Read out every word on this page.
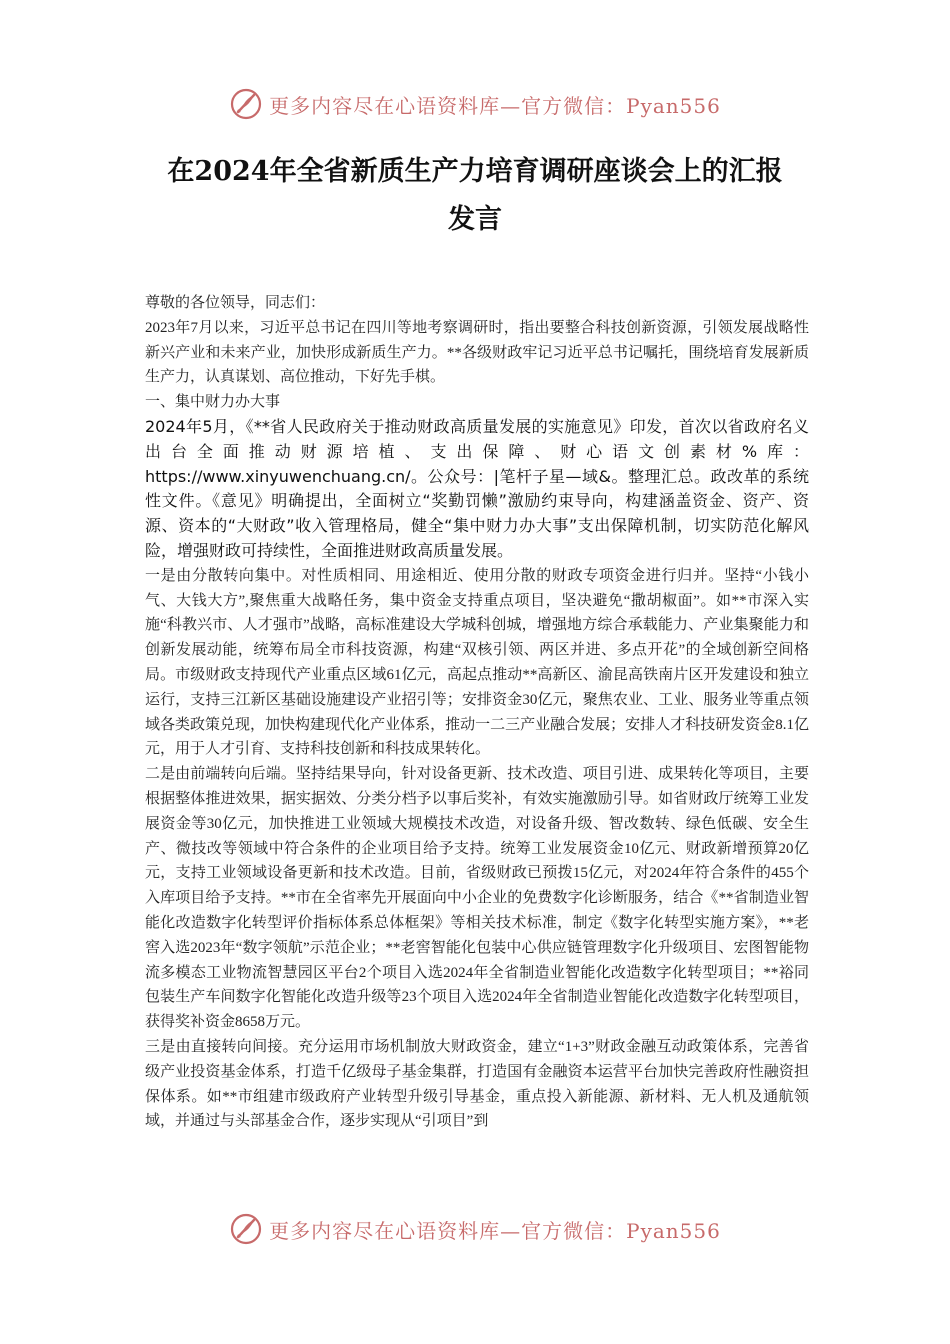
更多内容尽在心语资料库—官方微信：Pyan556
在2024年全省新质生产力培育调研座谈会上的汇报
发言

尊敬的各位领导，同志们：

2023年7月以来，习近平总书记在四川等地考察调研时，指出要整合科技创新资源，引领发展战略性新兴产业和未来产业，加快形成新质生产力。**各级财政牢记习近平总书记嘱托，围绕培育发展新质生产力，认真谋划、高位推动，下好先手棋。

一、集中财力办大事

2024年5月，《**省人民政府关于推动财政高质量发展的实施意见》印发，首次以省政府名义出台全面推动财源培植、支出保障、财心语文创素材%库：https://www.xinyuwenchuang.cn/。公众号：|笔杆子星—域&。整理汇总。政改革的系统性文件。《意见》明确提出，全面树立“奖勤罚懒”激励约束导向，构建涵盖资金、资产、资源、资本的“大财政”收入管理格局，健全“集中财力办大事”支出保障机制，切实防范化解风险，增强财政可持续性，全面推进财政高质量发展。

一是由分散转向集中。对性质相同、用途相近、使用分散的财政专项资金进行归并。坚持“小钱小气、大钱大方”,聚焦重大战略任务，集中资金支持重点项目，坚决避免“撒胡椒面”。如**市深入实施“科教兴市、人才强市”战略，高标准建设大学城科创城，增强地方综合承载能力、产业集聚能力和创新发展动能，统筹布局全市科技资源，构建“双核引领、两区并进、多点开花”的全域创新空间格局。市级财政支持现代产业重点区域61亿元，高起点推动**高新区、渝昆高铁南片区开发建设和独立运行，支持三江新区基础设施建设产业招引等；安排资金30亿元，聚焦农业、工业、服务业等重点领域各类政策兑现，加快构建现代化产业体系，推动一二三产业融合发展；安排人才科技研发资金8.1亿元，用于人才引育、支持科技创新和科技成果转化。

二是由前端转向后端。坚持结果导向，针对设备更新、技术改造、项目引进、成果转化等项目，主要根据整体推进效果，据实据效、分类分档予以事后奖补，有效实施激励引导。如省财政厅统筹工业发展资金等30亿元，加快推进工业领域大规模技术改造，对设备升级、智改数转、绿色低碳、安全生产、微技改等领域中符合条件的企业项目给予支持。统筹工业发展资金10亿元、财政新增预算20亿元，支持工业领域设备更新和技术改造。目前，省级财政已预拨15亿元，对2024年符合条件的455个入库项目给予支持。**市在全省率先开展面向中小企业的免费数字化诊断服务，结合《**省制造业智能化改造数字化转型评价指标体系总体框架》等相关技术标准，制定《数字化转型实施方案》，**老窖入选2023年“数字领航”示范企业；**老窖智能化包装中心供应链管理数字化升级项目、宏图智能物流多模态工业物流智慧园区平台2个项目入选2024年全省制造业智能化改造数字化转型项目；**裕同包装生产车间数字化智能化改造升级等23个项目入选2024年全省制造业智能化改造数字化转型项目，获得奖补资金8658万元。

三是由直接转向间接。充分运用市场机制放大财政资金，建立“1+3”财政金融互动政策体系，完善省级产业投资基金体系，打造千亿级母子基金集群，打造国有金融资本运营平台加快完善政府性融资担保体系。如**市组建市级政府产业转型升级引导基金，重点投入新能源、新材料、无人机及通航领域，并通过与头部基金合作，逐步实现从“引项目”到

更多内容尽在心语资料库—官方微信：Pyan556
